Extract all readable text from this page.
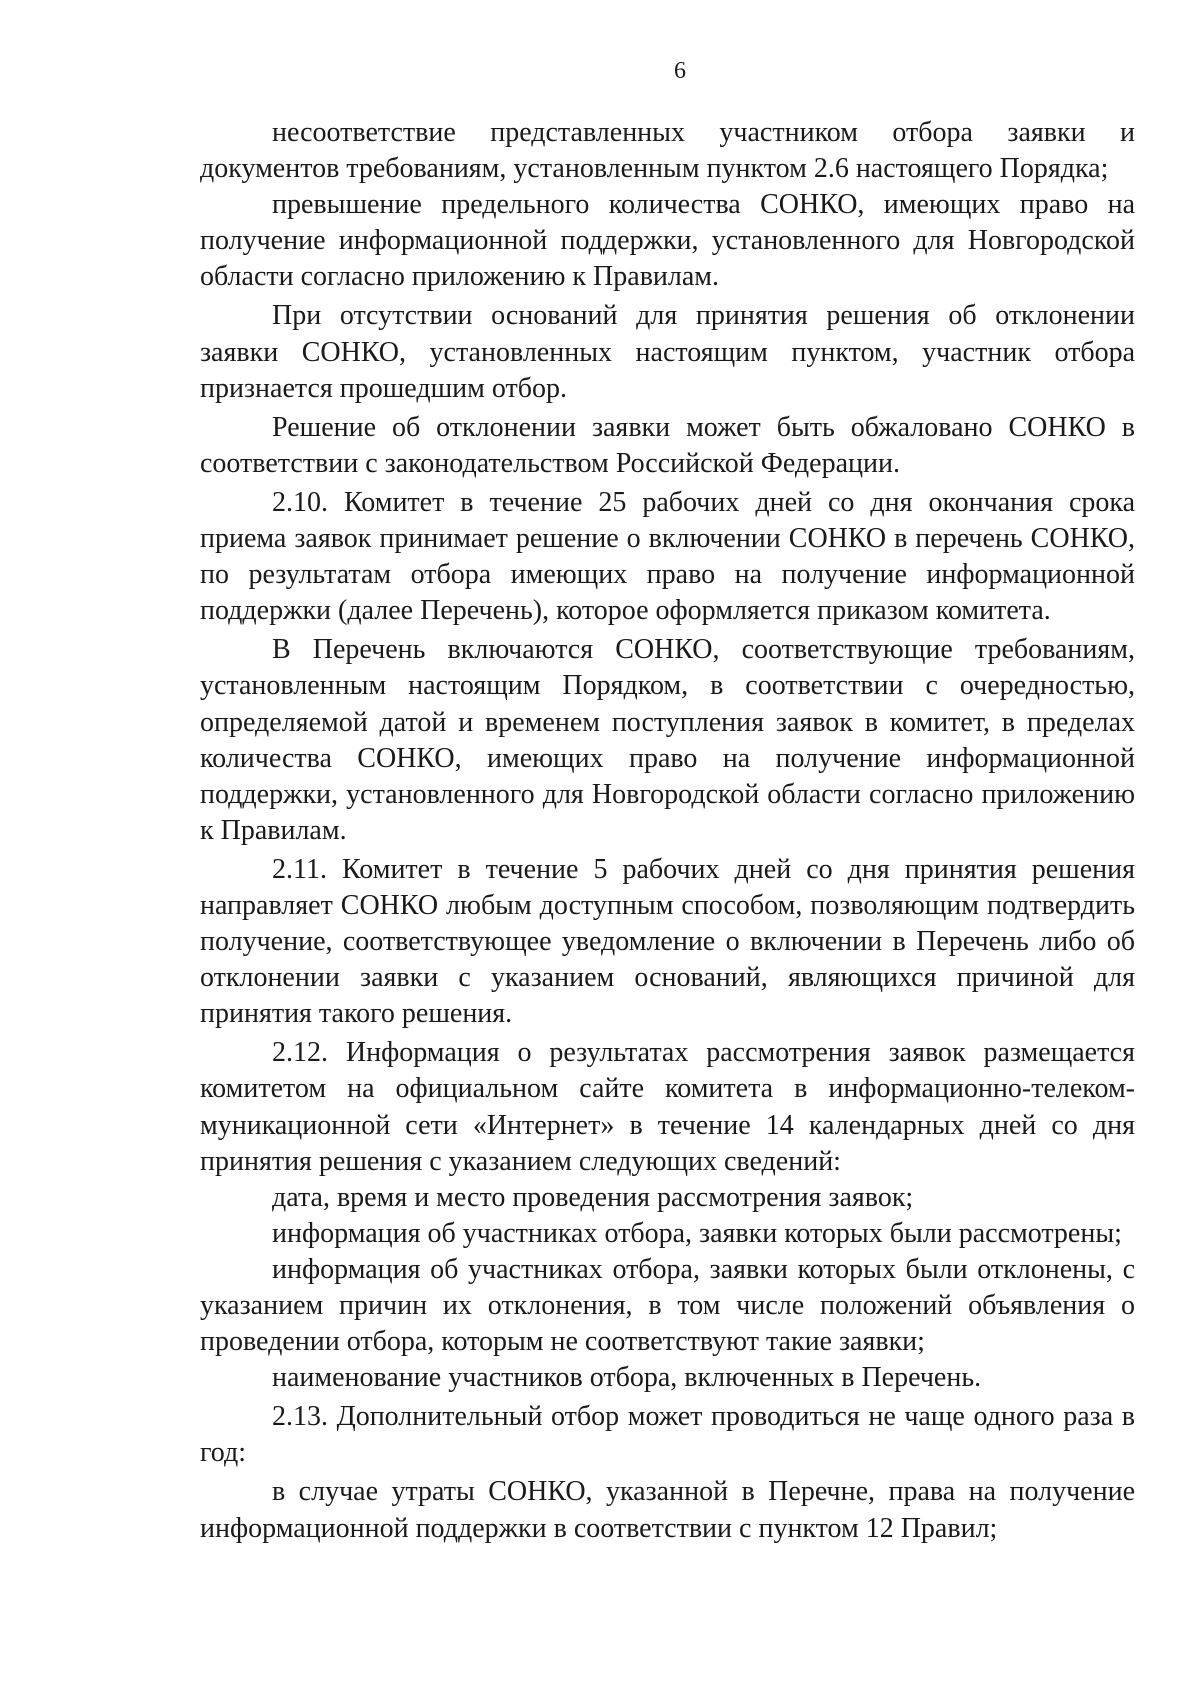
6

несоответствие представленных участником отбора заявки и документов требованиям, установленным пунктом 2.6 настоящего Порядка;

превышение предельного количества СОНКО, имеющих право на получение информационной поддержки, установленного для Новгородской области согласно приложению к Правилам.

При отсутствии оснований для принятия решения об отклонении заявки СОНКО, установленных настоящим пунктом, участник отбора признается прошедшим отбор.

Решение об отклонении заявки может быть обжаловано СОНКО в соответствии с законодательством Российской Федерации.

2.10. Комитет в течение 25 рабочих дней со дня окончания срока приема заявок принимает решение о включении СОНКО в перечень СОНКО, по результатам отбора имеющих право на получение информационной поддержки (далее Перечень), которое оформляется приказом комитета.

В Перечень включаются СОНКО, соответствующие требованиям, установленным настоящим Порядком, в соответствии с очередностью, определяемой датой и временем поступления заявок в комитет, в пределах количества СОНКО, имеющих право на получение информационной поддержки, установленного для Новгородской области согласно приложению к Правилам.

2.11. Комитет в течение 5 рабочих дней со дня принятия решения направляет СОНКО любым доступным способом, позволяющим подтвердить получение, соответствующее уведомление о включении в Перечень либо об отклонении заявки с указанием оснований, являющихся причиной для принятия такого решения.

2.12. Информация о результатах рассмотрения заявок размещается комитетом на официальном сайте комитета в информационно-телекоммуникационной сети «Интернет» в течение 14 календарных дней со дня принятия решения с указанием следующих сведений:

дата, время и место проведения рассмотрения заявок;

информация об участниках отбора, заявки которых были рассмотрены;

информация об участниках отбора, заявки которых были отклонены, с указанием причин их отклонения, в том числе положений объявления о проведении отбора, которым не соответствуют такие заявки;

наименование участников отбора, включенных в Перечень.

2.13. Дополнительный отбор может проводиться не чаще одного раза в год:

в случае утраты СОНКО, указанной в Перечне, права на получение информационной поддержки в соответствии с пунктом 12 Правил;
